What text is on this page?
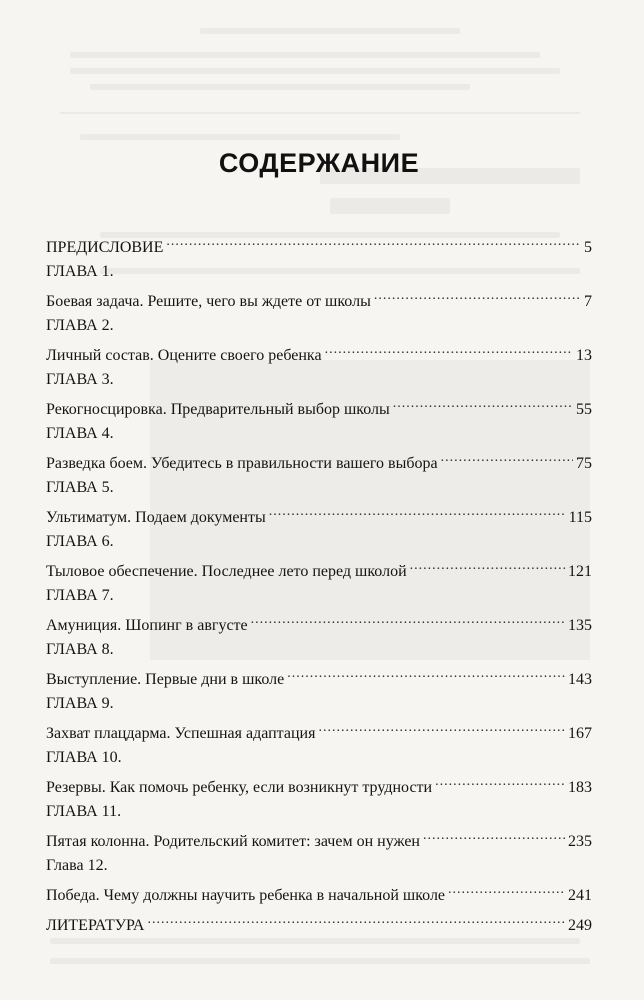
СОДЕРЖАНИЕ
ПРЕДИСЛОВИЕ .....	5
ГЛАВА 1.
Боевая задача. Решите, чего вы ждете от школы .....	7
ГЛАВА 2.
Личный состав. Оцените своего ребенка .....	13
ГЛАВА 3.
Рекогносцировка. Предварительный выбор школы .....	55
ГЛАВА 4.
Разведка боем. Убедитесь в правильности вашего выбора .....	75
ГЛАВА 5.
Ультиматум. Подаем документы .....	115
ГЛАВА 6.
Тыловое обеспечение. Последнее лето перед школой .....	121
ГЛАВА 7.
Амуниция. Шопинг в августе .....	135
ГЛАВА 8.
Выступление. Первые дни в школе .....	143
ГЛАВА 9.
Захват плацдарма. Успешная адаптация .....	167
ГЛАВА 10.
Резервы. Как помочь ребенку, если возникнут трудности .....	183
ГЛАВА 11.
Пятая колонна. Родительский комитет: зачем он нужен .....	235
Глава 12.
Победа. Чему должны научить ребенка в начальной школе .....	241
ЛИТЕРАТУРА .....	249
